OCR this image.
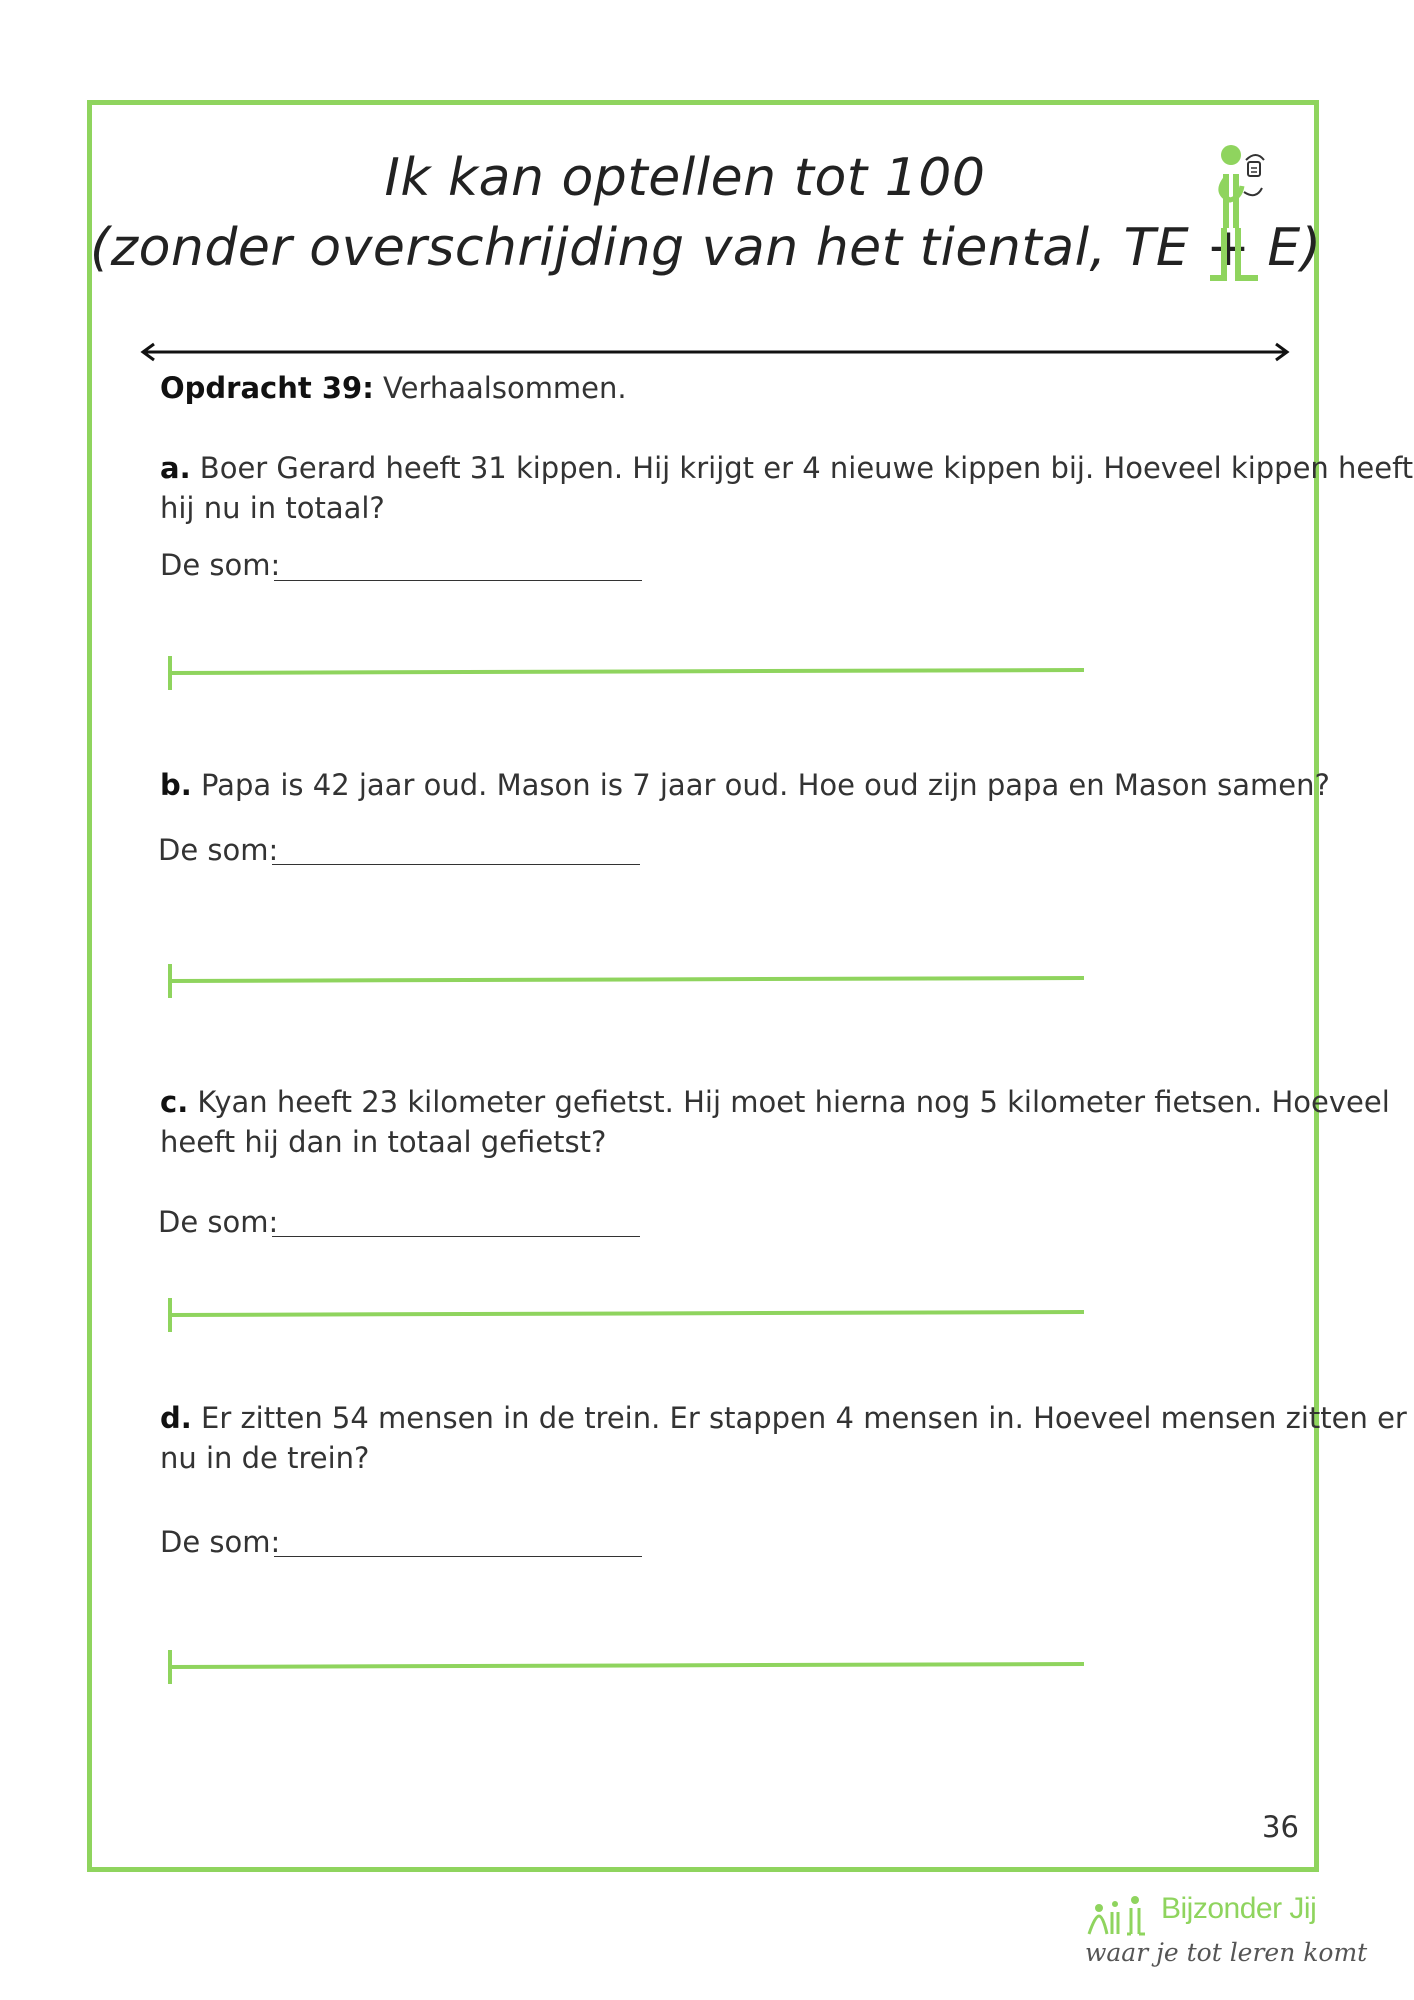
Ik kan optellen tot 100
(zonder overschrijding van het tiental, TE + E)
Opdracht 39: Verhaalsommen.
a. Boer Gerard heeft 31 kippen. Hij krijgt er 4 nieuwe kippen bij. Hoeveel kippen heeft
hij nu in totaal?
De som:
b. Papa is 42 jaar oud. Mason is 7 jaar oud. Hoe oud zijn papa en Mason samen?
De som:
c. Kyan heeft 23 kilometer gefietst. Hij moet hierna nog 5 kilometer fietsen. Hoeveel
heeft hij dan in totaal gefietst?
De som:
d. Er zitten 54 mensen in de trein. Er stappen 4 mensen in. Hoeveel mensen zitten er
nu in de trein?
De som:
36
Bijzonder Jij
waar je tot leren komt
